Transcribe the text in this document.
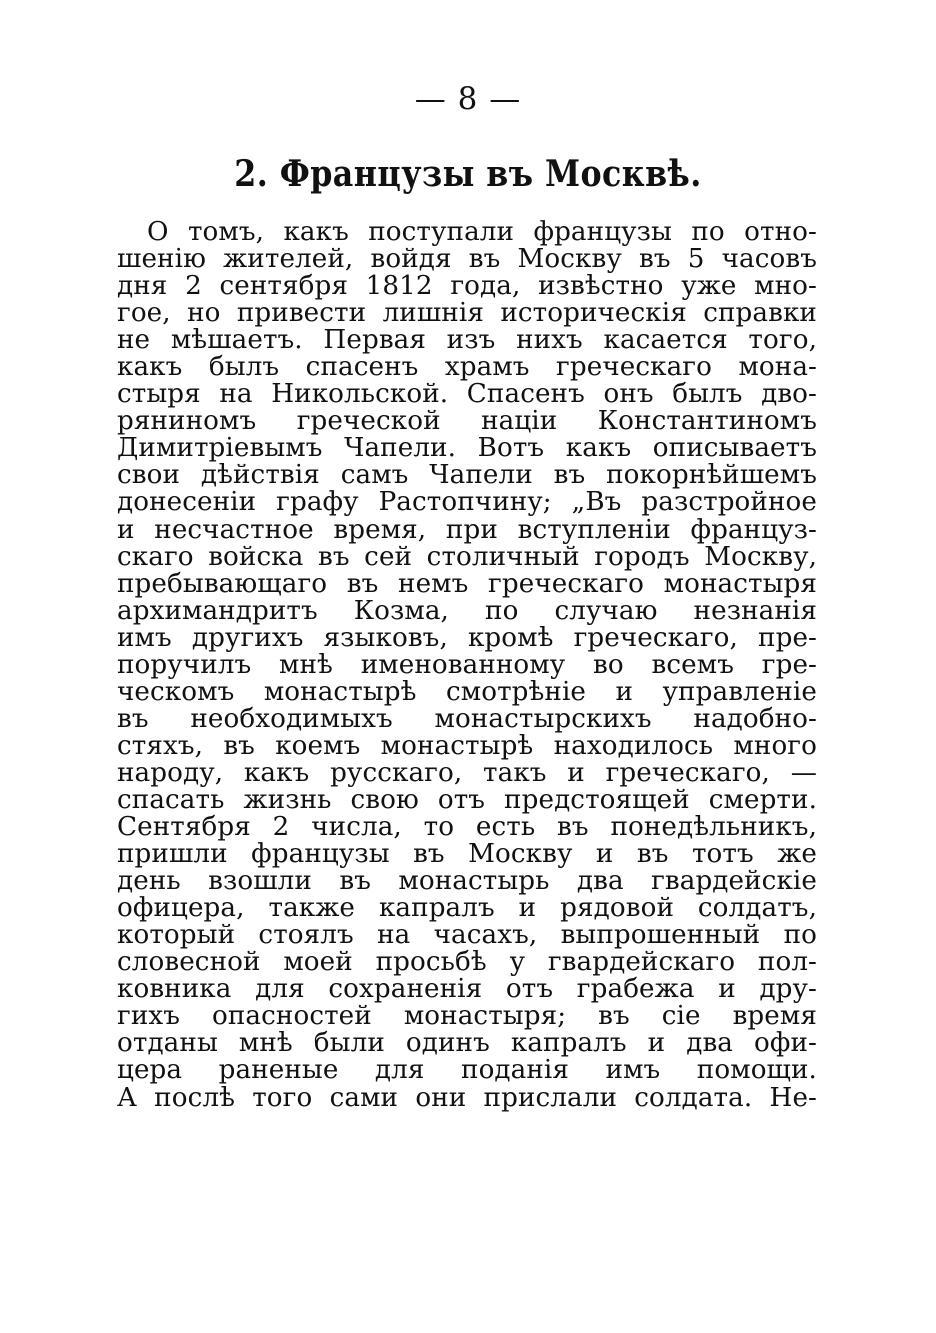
— 8 —
2. Французы въ Москвѣ.
О томъ, какъ поступали французы по отно-
шенію жителей, войдя въ Москву въ 5 часовъ
дня 2 сентября 1812 года, извѣстно уже мно-
гое, но привести лишнія историческія справки
не мѣшаетъ. Первая изъ нихъ касается того,
какъ былъ спасенъ храмъ греческаго мона-
стыря на Никольской. Спасенъ онъ былъ дво-
ряниномъ греческой націи Константиномъ
Димитріевымъ Чапели. Вотъ какъ описываетъ
свои дѣйствія самъ Чапели въ покорнѣйшемъ
донесеніи графу Растопчину; „Въ разстройное
и несчастное время, при вступленіи француз-
скаго войска въ сей столичный городъ Москву,
пребывающаго въ немъ греческаго монастыря
архимандритъ Козма, по случаю незнанія
имъ другихъ языковъ, кромѣ греческаго, пре-
поручилъ мнѣ именованному во всемъ гре-
ческомъ монастырѣ смотрѣніе и управленіе
въ необходимыхъ монастырскихъ надобно-
стяхъ, въ коемъ монастырѣ находилось много
народу, какъ русскаго, такъ и греческаго, —
спасать жизнь свою отъ предстоящей смерти.
Сентября 2 числа, то есть въ понедѣльникъ,
пришли французы въ Москву и въ тотъ же
день взошли въ монастырь два гвардейскіе
офицера, также капралъ и рядовой солдатъ,
который стоялъ на часахъ, выпрошенный по
словесной моей просьбѣ у гвардейскаго пол-
ковника для сохраненія отъ грабежа и дру-
гихъ опасностей монастыря; въ сіе время
отданы мнѣ были одинъ капралъ и два офи-
цера раненые для поданія имъ помощи.
А послѣ того сами они прислали солдата. Не-
